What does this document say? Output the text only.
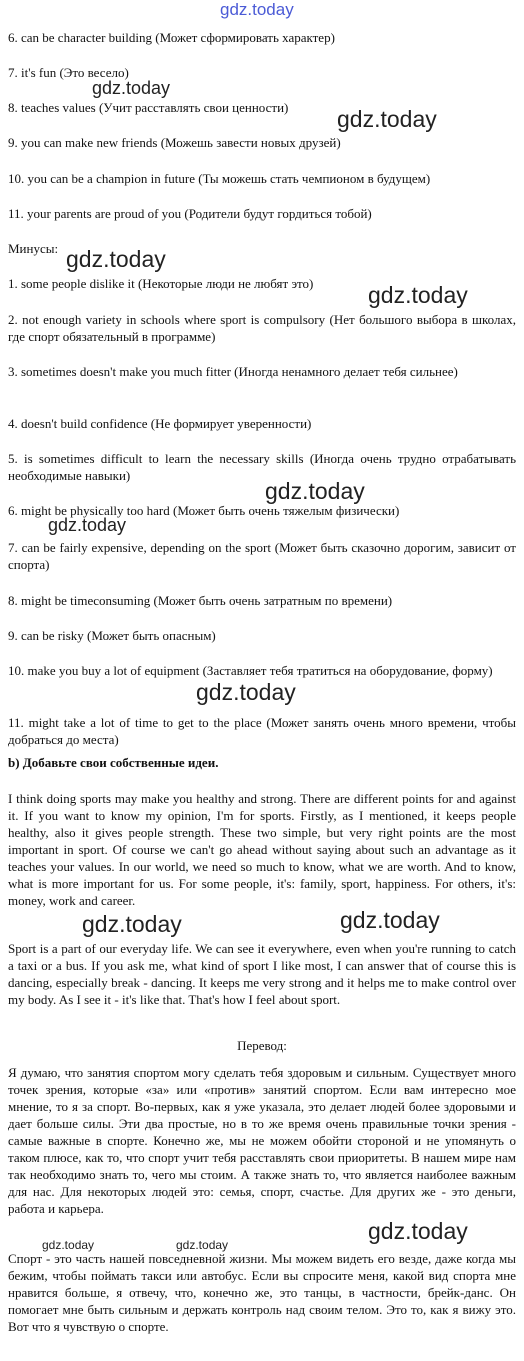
gdz.today
gdz.today
gdz.today
gdz.today
gdz.today
gdz.today
gdz.today
gdz.today
gdz.today	gdz.today
gdz.today
gdz.today	gdz.today
6. can be character building (Может сформировать характер)
7. it's fun (Это весело)
8. teaches values (Учит расставлять свои ценности)
9. you can make new friends (Можешь завести новых друзей)
10. you can be a champion in future (Ты можешь стать чемпионом в будущем)
11. your parents are proud of you (Родители будут гордиться тобой)
Минусы:
1. some people dislike it (Некоторые люди не любят это)
2. not enough variety in schools where sport is compulsory (Нет большого выбора в школах, где спорт обязательный в программе)
3. sometimes doesn't make you much fitter (Иногда ненамного делает тебя сильнее)
4. doesn't build confidence (Не формирует уверенности)
5. is sometimes difficult to learn the necessary skills (Иногда очень трудно отрабатывать необходимые навыки)
6. might be physically too hard (Может быть очень тяжелым физически)
7. can be fairly expensive, depending on the sport (Может быть сказочно дорогим, зависит от спорта)
8. might be timeconsuming (Может быть очень затратным по времени)
9. can be risky (Может быть опасным)
10. make you buy a lot of equipment (Заставляет тебя тратиться на оборудование, форму)
11. might take a lot of time to get to the place (Может занять очень много времени, чтобы добраться до места)
b) Добавьте свои собственные идеи.
I think doing sports may make you healthy and strong. There are different points for and against it. If you want to know my opinion, I'm for sports. Firstly, as I mentioned, it keeps people healthy, also it gives people strength. These two simple, but very right points are the most important in sport. Of course we can't go ahead without saying about such an advantage as it teaches your values. In our world, we need so much to know, what we are worth. And to know, what is more important for us. For some people, it's: family, sport, happiness. For others, it's: money, work and career.
Sport is a part of our everyday life. We can see it everywhere, even when you're running to catch a taxi or a bus. If you ask me, what kind of sport I like most, I can answer that of course this is dancing, especially break - dancing. It keeps me very strong and it helps me to make control over my body. As I see it - it's like that. That's how I feel about sport.
Перевод:
Я думаю, что занятия спортом могу сделать тебя здоровым и сильным. Существует много точек зрения, которые «за» или «против» занятий спортом. Если вам интересно мое мнение, то я за спорт. Во-первых, как я уже указала, это делает людей более здоровыми и дает больше силы. Эти два простые, но в то же время очень правильные точки зрения - самые важные в спорте. Конечно же, мы не можем обойти стороной и не упомянуть о таком плюсе, как то, что спорт учит тебя расставлять свои приоритеты. В нашем мире нам так необходимо знать то, чего мы стоим. А также знать то, что является наиболее важным для нас. Для некоторых людей это: семья, спорт, счастье. Для других же - это деньги, работа и карьера.
Спорт - это часть нашей повседневной жизни. Мы можем видеть его везде, даже когда мы бежим, чтобы поймать такси или автобус. Если вы спросите меня, какой вид спорта мне нравится больше, я отвечу, что, конечно же, это танцы, в частности, брейк-данс. Он помогает мне быть сильным и держать контроль над своим телом. Это то, как я вижу это. Вот что я чувствую о спорте.
